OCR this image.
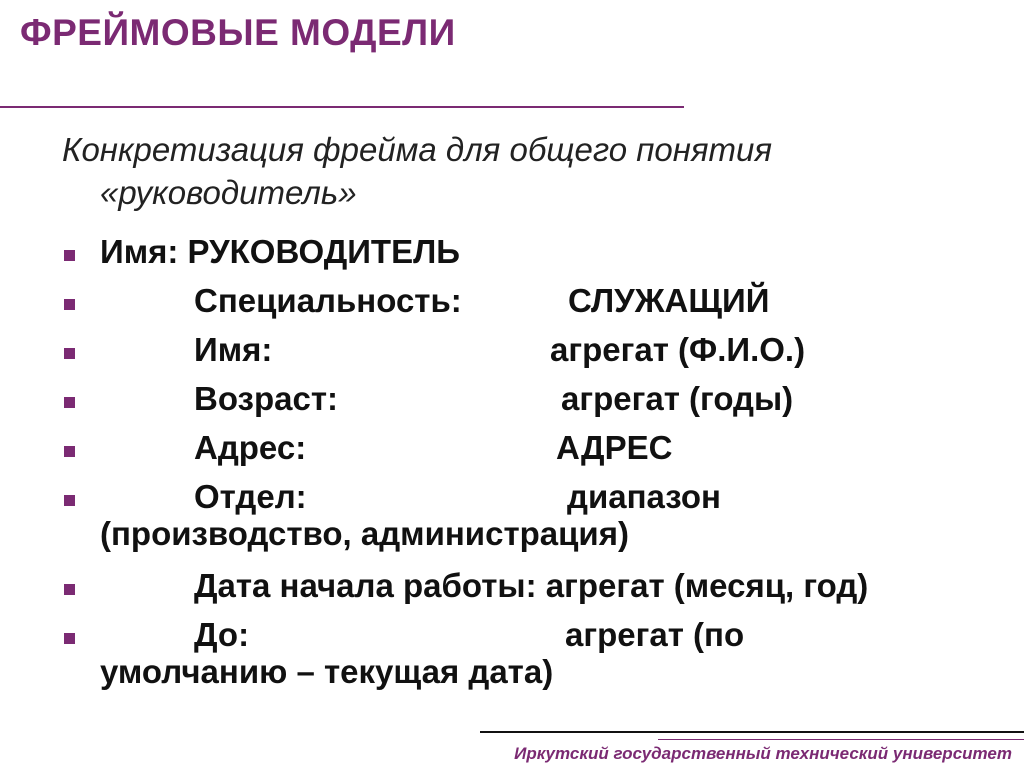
ФРЕЙМОВЫЕ МОДЕЛИ
Конкретизация фрейма для общего понятия
«руководитель»
Имя: РУКОВОДИТЕЛЬ
Специальность:	СЛУЖАЩИЙ
Имя:	агрегат (Ф.И.О.)
Возраст:	агрегат (годы)
Адрес:	АДРЕС
Отдел:	диапазон
(производство, администрация)
Дата начала работы: агрегат (месяц, год)
До:	агрегат (по
умолчанию – текущая дата)
Иркутский государственный технический университет
